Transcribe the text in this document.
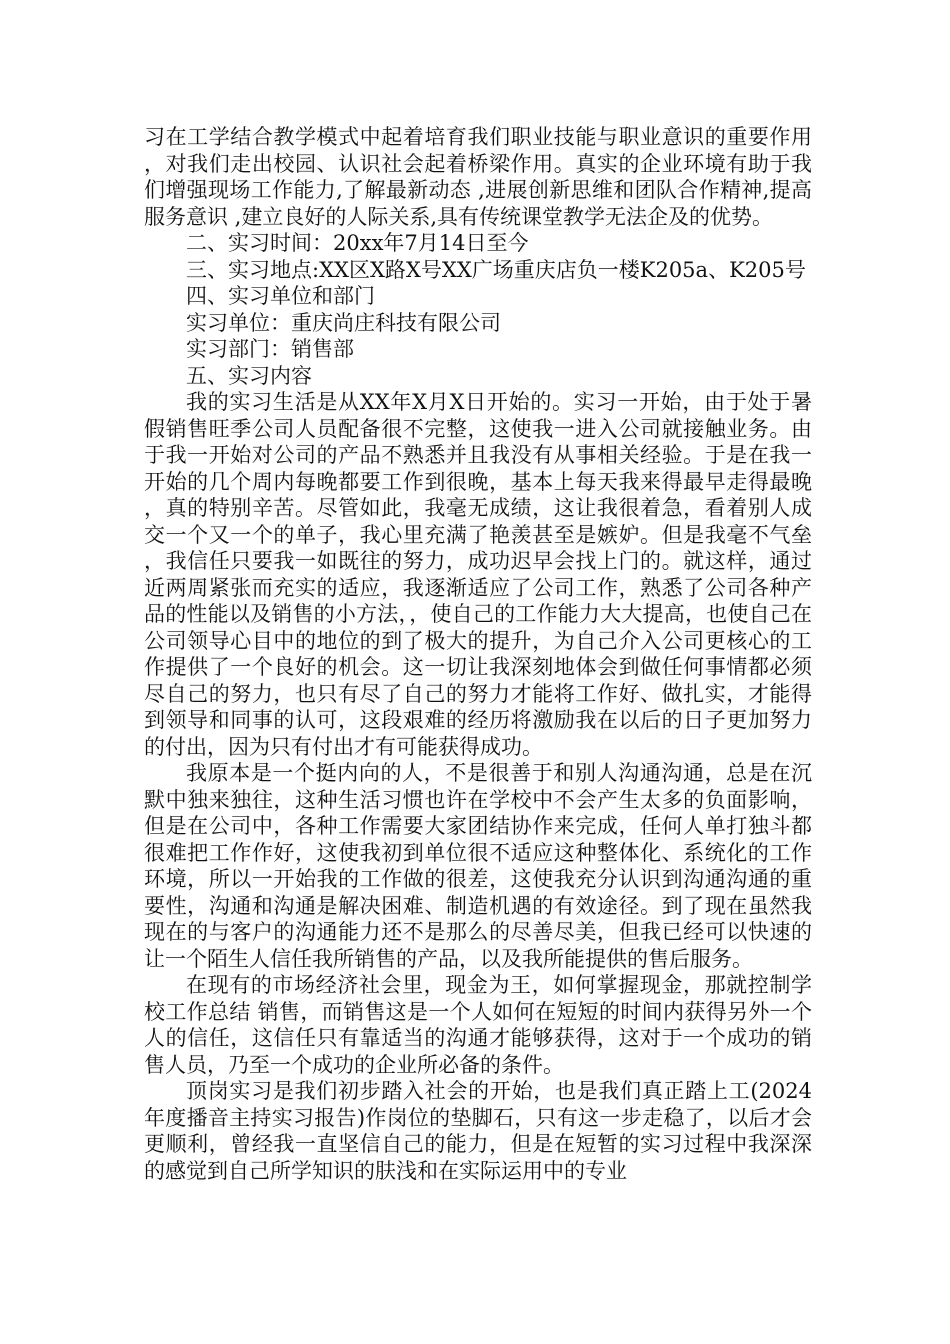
习在工学结合教学模式中起着培育我们职业技能与职业意识的重要作用，对我们走出校园、认识社会起着桥梁作用。真实的企业环境有助于我们增强现场工作能力,了解最新动态 ,进展创新思维和团队合作精神,提高服务意识 ,建立良好的人际关系,具有传统课堂教学无法企及的优势。

二、实习时间：20xx年7月14日至今

三、实习地点:XX区X路X号XX广场重庆店负一楼K205a、K205号

四、实习单位和部门

实习单位：重庆尚庄科技有限公司

实习部门：销售部

五、实习内容

我的实习生活是从XX年X月X日开始的。实习一开始，由于处于暑假销售旺季公司人员配备很不完整，这使我一进入公司就接触业务。由于我一开始对公司的产品不熟悉并且我没有从事相关经验。于是在我一开始的几个周内每晚都要工作到很晚，基本上每天我来得最早走得最晚，真的特别辛苦。尽管如此，我毫无成绩，这让我很着急，看着别人成交一个又一个的单子，我心里充满了艳羡甚至是嫉妒。但是我毫不气垒，我信任只要我一如既往的努力，成功迟早会找上门的。就这样，通过近两周紧张而充实的适应，我逐渐适应了公司工作，熟悉了公司各种产品的性能以及销售的小方法，，使自己的工作能力大大提高，也使自己在公司领导心目中的地位的到了极大的提升，为自己介入公司更核心的工作提供了一个良好的机会。这一切让我深刻地体会到做任何事情都必须尽自己的努力，也只有尽了自己的努力才能将工作好、做扎实，才能得到领导和同事的认可，这段艰难的经历将激励我在以后的日子更加努力的付出，因为只有付出才有可能获得成功。

我原本是一个挺内向的人，不是很善于和别人沟通沟通，总是在沉默中独来独往，这种生活习惯也许在学校中不会产生太多的负面影响，但是在公司中，各种工作需要大家团结协作来完成，任何人单打独斗都很难把工作作好，这使我初到单位很不适应这种整体化、系统化的工作环境，所以一开始我的工作做的很差，这使我充分认识到沟通沟通的重要性，沟通和沟通是解决困难、制造机遇的有效途径。到了现在虽然我现在的与客户的沟通能力还不是那么的尽善尽美，但我已经可以快速的让一个陌生人信任我所销售的产品，以及我所能提供的售后服务。

在现有的市场经济社会里，现金为王，如何掌握现金，那就控制学校工作总结 销售，而销售这是一个人如何在短短的时间内获得另外一个人的信任，这信任只有靠适当的沟通才能够获得，这对于一个成功的销售人员，乃至一个成功的企业所必备的条件。

顶岗实习是我们初步踏入社会的开始，也是我们真正踏上工(2024年度播音主持实习报告)作岗位的垫脚石，只有这一步走稳了，以后才会更顺利，曾经我一直坚信自己的能力，但是在短暂的实习过程中我深深的感觉到自己所学知识的肤浅和在实际运用中的专业
